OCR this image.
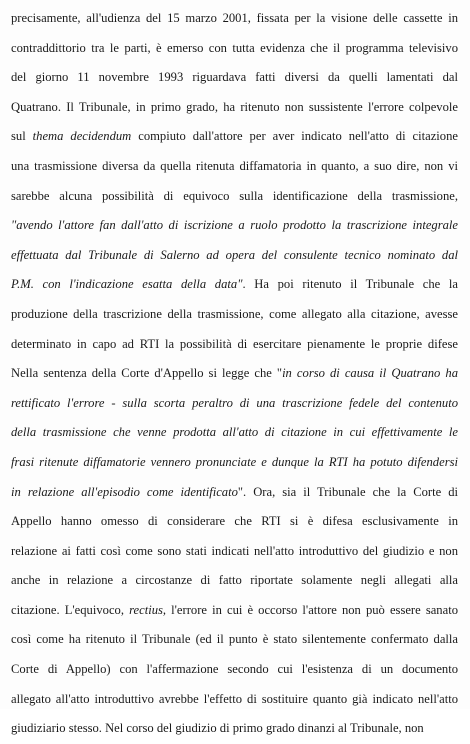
precisamente, all'udienza del 15 marzo 2001, fissata per la visione delle cassette in
contraddittorio tra le parti, è emerso con tutta evidenza che il programma televisivo
del giorno 11 novembre 1993 riguardava fatti diversi da quelli lamentati dal
Quatrano. Il Tribunale, in primo grado, ha ritenuto non sussistente l'errore colpevole
sul thema decidendum compiuto dall'attore per aver indicato nell'atto di citazione
una trasmissione diversa da quella ritenuta diffamatoria in quanto, a suo dire, non vi
sarebbe alcuna possibilità di equivoco sulla identificazione della trasmissione,
"avendo l'attore fan dall'atto di iscrizione a ruolo prodotto la trascrizione integrale
effettuata dal Tribunale di Salerno ad opera del consulente tecnico nominato dal
P.M. con l'indicazione esatta della data". Ha poi ritenuto il Tribunale che la
produzione della trascrizione della trasmissione, come allegato alla citazione, avesse
determinato in capo ad RTI la possibilità di esercitare pienamente le proprie difese
Nella sentenza della Corte d'Appello si legge che "in corso di causa il Quatrano ha
rettificato l'errore - sulla scorta peraltro di una trascrizione fedele del contenuto
della trasmissione che venne prodotta all'atto di citazione in cui effettivamente le
frasi ritenute diffamatorie vennero pronunciate e dunque la RTI ha potuto difendersi
in relazione all'episodio come identificato". Ora, sia il Tribunale che la Corte di
Appello hanno omesso di considerare che RTI si è difesa esclusivamente in
relazione ai fatti così come sono stati indicati nell'atto introduttivo del giudizio e non
anche in relazione a circostanze di fatto riportate solamente negli allegati alla
citazione. L'equivoco, rectius, l'errore in cui è occorso l'attore non può essere sanato
così come ha ritenuto il Tribunale (ed il punto è stato silentemente confermato dalla
Corte di Appello) con l'affermazione secondo cui l'esistenza di un documento
allegato all'atto introduttivo avrebbe l'effetto di sostituire quanto già indicato nell'atto
giudiziario stesso. Nel corso del giudizio di primo grado dinanzi al Tribunale, non
